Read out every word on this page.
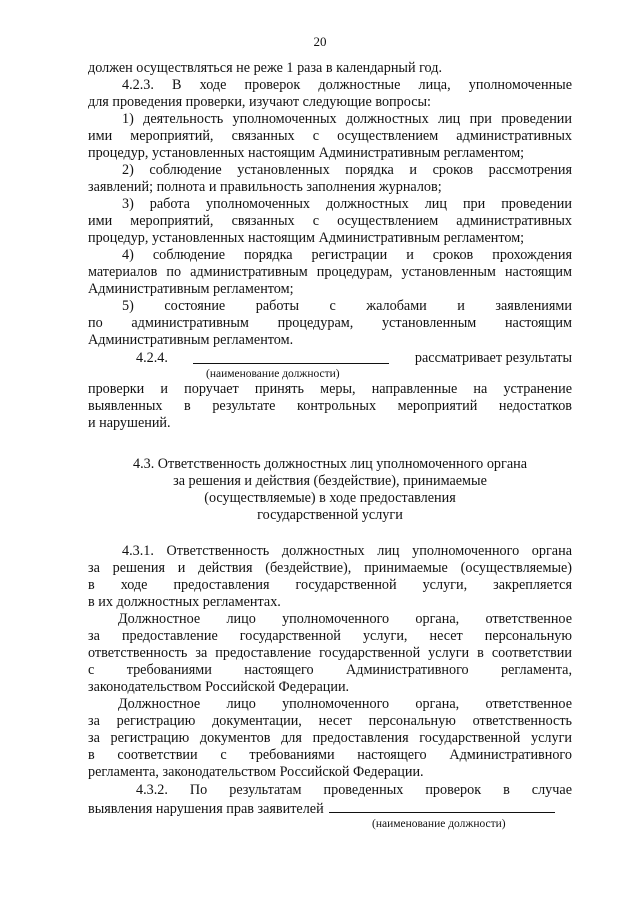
20
должен осуществляться не реже 1 раза в календарный год.
4.2.3. В ходе проверок должностные лица, уполномоченные
для проведения проверки, изучают следующие вопросы:
1) деятельность уполномоченных должностных лиц при проведении
ими мероприятий, связанных с осуществлением административных
процедур, установленных настоящим Административным регламентом;
2) соблюдение установленных порядка и сроков рассмотрения
заявлений; полнота и правильность заполнения журналов;
3) работа уполномоченных должностных лиц при проведении
ими мероприятий, связанных с осуществлением административных
процедур, установленных настоящим Административным регламентом;
4) соблюдение порядка регистрации и сроков прохождения
материалов по административным процедурам, установленным настоящим
Административным регламентом;
5) состояние работы с жалобами и заявлениями
по административным процедурам, установленным настоящим
Административным регламентом.
4.2.4.	рассматривает результаты
(наименование должности)
проверки и поручает принять меры, направленные на устранение
выявленных в результате контрольных мероприятий недостатков
и нарушений.
4.3. Ответственность должностных лиц уполномоченного органа
за решения и действия (бездействие), принимаемые
(осуществляемые) в ходе предоставления
государственной услуги
4.3.1. Ответственность должностных лиц уполномоченного органа
за решения и действия (бездействие), принимаемые (осуществляемые)
в ходе предоставления государственной услуги, закрепляется
в их должностных регламентах.
Должностное лицо уполномоченного органа, ответственное
за предоставление государственной услуги, несет персональную
ответственность за предоставление государственной услуги в соответствии
с требованиями настоящего Административного регламента,
законодательством Российской Федерации.
Должностное лицо уполномоченного органа, ответственное
за регистрацию документации, несет персональную ответственность
за регистрацию документов для предоставления государственной услуги
в соответствии с требованиями настоящего Административного
регламента, законодательством Российской Федерации.
4.3.2. По результатам проведенных проверок в случае
выявления нарушения прав заявителей
(наименование должности)
